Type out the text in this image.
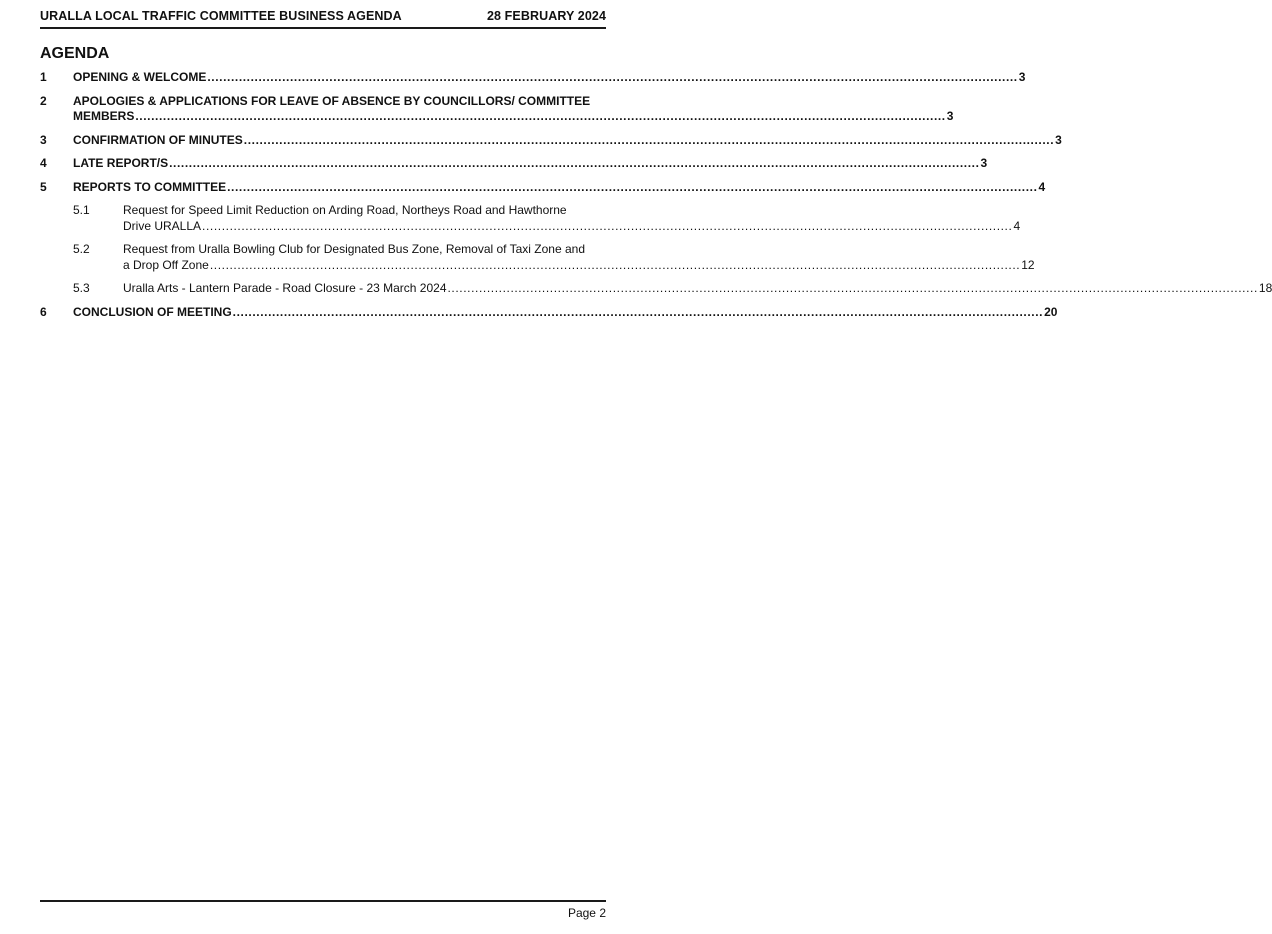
URALLA LOCAL TRAFFIC COMMITTEE BUSINESS AGENDA	28 FEBRUARY 2024
AGENDA
1	OPENING & WELCOME .....	3
2	APOLOGIES & APPLICATIONS FOR LEAVE OF ABSENCE BY COUNCILLORS/ COMMITTEE
MEMBERS .....	3
3	CONFIRMATION OF MINUTES .....	3
4	LATE REPORT/S .....	3
5	REPORTS TO COMMITTEE .....	4
5.1	Request for Speed Limit Reduction on Arding Road, Northeys Road and Hawthorne
Drive URALLA .....	4
5.2	Request from Uralla Bowling Club for Designated Bus Zone, Removal of Taxi Zone and
a Drop Off Zone .....	12
5.3	Uralla Arts - Lantern Parade - Road Closure - 23 March 2024 .....	18
6	CONCLUSION OF MEETING .....	20
Page 2
